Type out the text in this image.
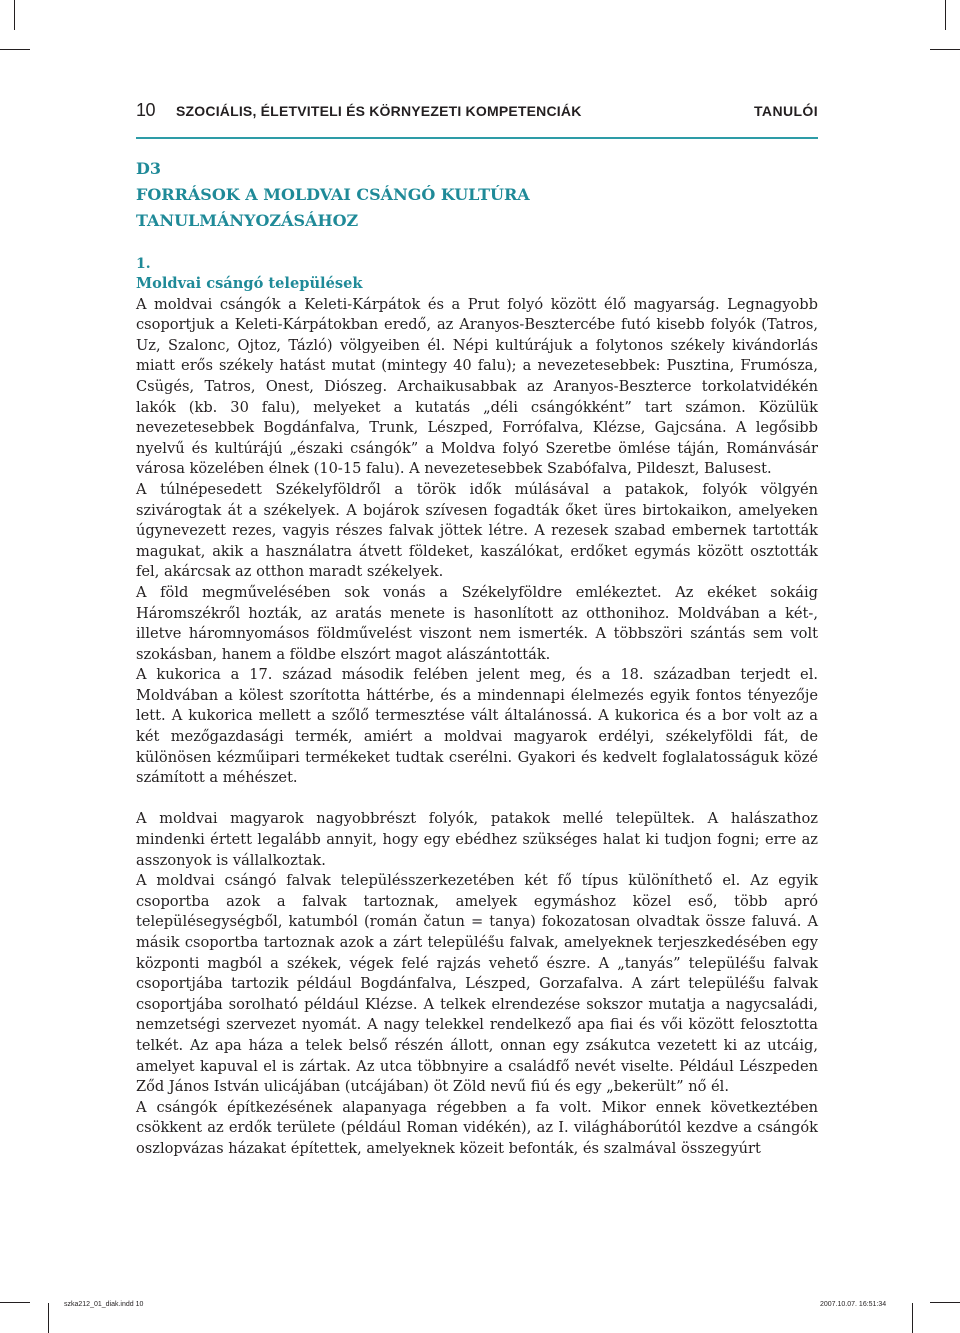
10 SZOCIÁLIS, ÉLETVITELI ÉS KÖRNYEZETI KOMPETENCIÁK	TANULÓI
D3
FORRÁSOK A MOLDVAI CSÁNGÓ KULTÚRA
TANULMÁNYOZÁSÁHOZ
1.
Moldvai csángó települések

A moldvai csángók a Keleti-Kárpátok és a Prut folyó között élő magyarság. Legnagyobb csoportjuk a Keleti-Kárpátokban eredő, az Aranyos-Besztercébe futó kisebb folyók (Tatros, Uz, Szalonc, Ojtoz, Tázló) völgyeiben él. Népi kultúrájuk a folytonos székely kivándorlás miatt erős székely hatást mutat (mintegy 40 falu); a nevezetesebbek: Pusztina, Frumósza, Csügés, Tatros, Onest, Diószeg. Archaikusabbak az Aranyos-Beszterce torkolatvidékén lakók (kb. 30 falu), melyeket a kutatás „déli csángókként” tart számon. Közülük nevezetesebbek Bogdánfalva, Trunk, Lészped, Forrófalva, Klézse, Gajcsána. A legősibb nyelvű és kultúrájú „északi csángók” a Moldva folyó Szeretbe ömlése táján, Románvásár városa közelében élnek (10-15 falu). A nevezetesebbek Szabófalva, Pildeszt, Balusest.

A túlnépesedett Székelyföldről a török idők múlásával a patakok, folyók völgyén szivárogtak át a székelyek. A bojárok szívesen fogadták őket üres birtokaikon, amelyeken úgynevezett rezes, vagyis részes falvak jöttek létre. A rezesek szabad embernek tartották magukat, akik a használatra átvett földeket, kaszálókat, erdőket egymás között osztották fel, akárcsak az otthon maradt székelyek.

A föld megművelésében sok vonás a Székelyföldre emlékeztet. Az ekéket sokáig Háromszékről hozták, az aratás menete is hasonlított az otthonihoz. Moldvában a két-, illetve háromnyomásos földművelést viszont nem ismerték. A többszöri szántás sem volt szokásban, hanem a földbe elszórt magot alászántották.

A kukorica a 17. század második felében jelent meg, és a 18. században terjedt el. Moldvában a kölest szorította háttérbe, és a mindennapi élelmezés egyik fontos tényezője lett. A kukorica mellett a szőlő termesztése vált általánossá. A kukorica és a bor volt az a két mezőgazdasági termék, amiért a moldvai magyarok erdélyi, székelyföldi fát, de különösen kézműipari termékeket tudtak cserélni. Gyakori és kedvelt foglalatosságuk közé számított a méhészet.

A moldvai magyarok nagyobbrészt folyók, patakok mellé települtek. A halászathoz mindenki értett legalább annyit, hogy egy ebédhez szükséges halat ki tudjon fogni; erre az asszonyok is vállalkoztak.

A moldvai csángó falvak településszerkezetében két fő típus különíthető el. Az egyik csoportba azok a falvak tartoznak, amelyek egymáshoz közel eső, több apró településegységből, katumból (román čatun = tanya) fokozatosan olvadtak össze faluvá. A másik csoportba tartoznak azok a zárt település̋u falvak, amelyeknek terjeszkedésében egy központi magból a székek, végek felé rajzás vehető észre. A „tanyás” település̋u falvak csoportjába tartozik például Bogdánfalva, Lészped, Gorzafalva. A zárt település̋u falvak csoportjába sorolható például Klézse. A telkek elrendezése sokszor mutatja a nagycsaládi, nemzetségi szervezet nyomát. A nagy telekkel rendelkező apa fiai és vői között felosztotta telkét. Az apa háza a telek belső részén állott, onnan egy zsákutca vezetett ki az utcáig, amelyet kapuval el is zártak. Az utca többnyire a családfő nevét viselte. Például Lészpeden Ződ János István ulicájában (utcájában) öt Zöld nevű fiú és egy „bekerült” nő él.

A csángók építkezésének alapanyaga régebben a fa volt. Mikor ennek következtében csökkent az erdők területe (például Roman vidékén), az I. világháborútól kezdve a csángók oszlopvázas házakat építettek, amelyeknek közeit befonták, és szalmával összegyúrt

szka212_01_diak.indd 10	2007.10.07. 16:51:34
